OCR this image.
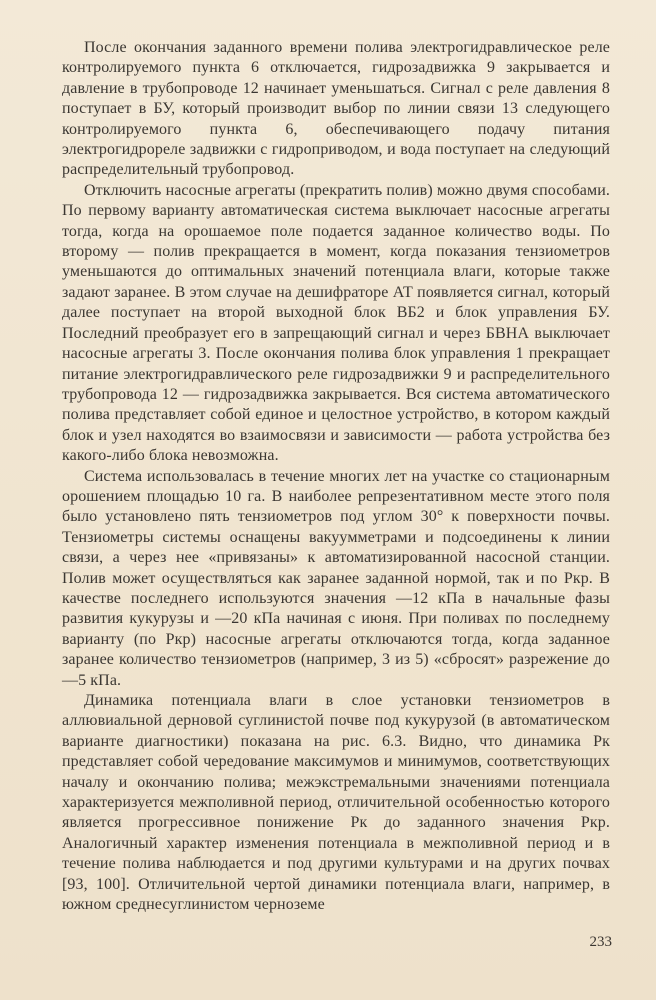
После окончания заданного времени полива электрогидравлическое реле контролируемого пункта 6 отключается, гидрозадвижка 9 закрывается и давление в трубопроводе 12 начинает уменьшаться. Сигнал с реле давления 8 поступает в БУ, который производит выбор по линии связи 13 следующего контролируемого пункта 6, обеспечивающего подачу питания электрогидрореле задвижки с гидроприводом, и вода поступает на следующий распределительный трубопровод.

Отключить насосные агрегаты (прекратить полив) можно двумя способами. По первому варианту автоматическая система выключает насосные агрегаты тогда, когда на орошаемое поле подается заданное количество воды. По второму — полив прекращается в момент, когда показания тензиометров уменьшаются до оптимальных значений потенциала влаги, которые также задают заранее. В этом случае на дешифраторе АТ появляется сигнал, который далее поступает на второй выходной блок ВБ2 и блок управления БУ. Последний преобразует его в запрещающий сигнал и через БВНА выключает насосные агрегаты 3. После окончания полива блок управления 1 прекращает питание электрогидравлического реле гидрозадвижки 9 и распределительного трубопровода 12 — гидрозадвижка закрывается. Вся система автоматического полива представляет собой единое и целостное устройство, в котором каждый блок и узел находятся во взаимосвязи и зависимости — работа устройства без какого-либо блока невозможна.

Система использовалась в течение многих лет на участке со стационарным орошением площадью 10 га. В наиболее репрезентативном месте этого поля было установлено пять тензиометров под углом 30° к поверхности почвы. Тензиометры системы оснащены вакуумметрами и подсоединены к линии связи, а через нее «привязаны» к автоматизированной насосной станции. Полив может осуществляться как заранее заданной нормой, так и по Pкр. В качестве последнего используются значения —12 кПа в начальные фазы развития кукурузы и —20 кПа начиная с июня. При поливах по последнему варианту (по Pкр) насосные агрегаты отключаются тогда, когда заданное заранее количество тензиометров (например, 3 из 5) «сбросят» разрежение до —5 кПа.

Динамика потенциала влаги в слое установки тензиометров в аллювиальной дерновой суглинистой почве под кукурузой (в автоматическом варианте диагностики) показана на рис. 6.3. Видно, что динамика Pк представляет собой чередование максимумов и минимумов, соответствующих началу и окончанию полива; межэкстремальными значениями потенциала характеризуется межполивной период, отличительной особенностью которого является прогрессивное понижение Pк до заданного значения Pкр. Аналогичный характер изменения потенциала в межполивной период и в течение полива наблюдается и под другими культурами и на других почвах [93, 100]. Отличительной чертой динамики потенциала влаги, например, в южном среднесуглинистом черноземе

233
